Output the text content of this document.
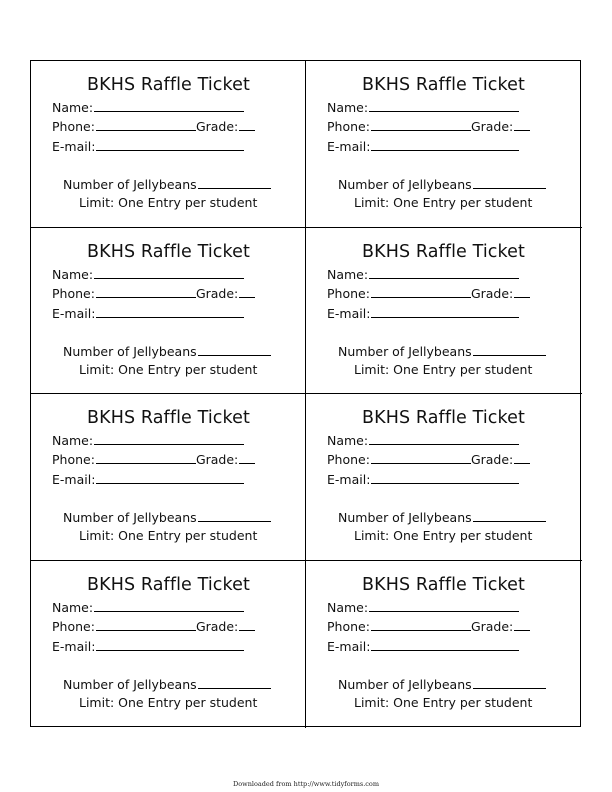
BKHS Raffle Ticket
Name:
Phone:	Grade:
E-mail:
Number of Jellybeans
Limit: One Entry per student
BKHS Raffle Ticket
Name:
Phone:	Grade:
E-mail:
Number of Jellybeans
Limit: One Entry per student
BKHS Raffle Ticket
Name:
Phone:	Grade:
E-mail:
Number of Jellybeans
Limit: One Entry per student
BKHS Raffle Ticket
Name:
Phone:	Grade:
E-mail:
Number of Jellybeans
Limit: One Entry per student
BKHS Raffle Ticket
Name:
Phone:	Grade:
E-mail:
Number of Jellybeans
Limit: One Entry per student
BKHS Raffle Ticket
Name:
Phone:	Grade:
E-mail:
Number of Jellybeans
Limit: One Entry per student
BKHS Raffle Ticket
Name:
Phone:	Grade:
E-mail:
Number of Jellybeans
Limit: One Entry per student
BKHS Raffle Ticket
Name:
Phone:	Grade:
E-mail:
Number of Jellybeans
Limit: One Entry per student
Downloaded from http://www.tidyforms.com
